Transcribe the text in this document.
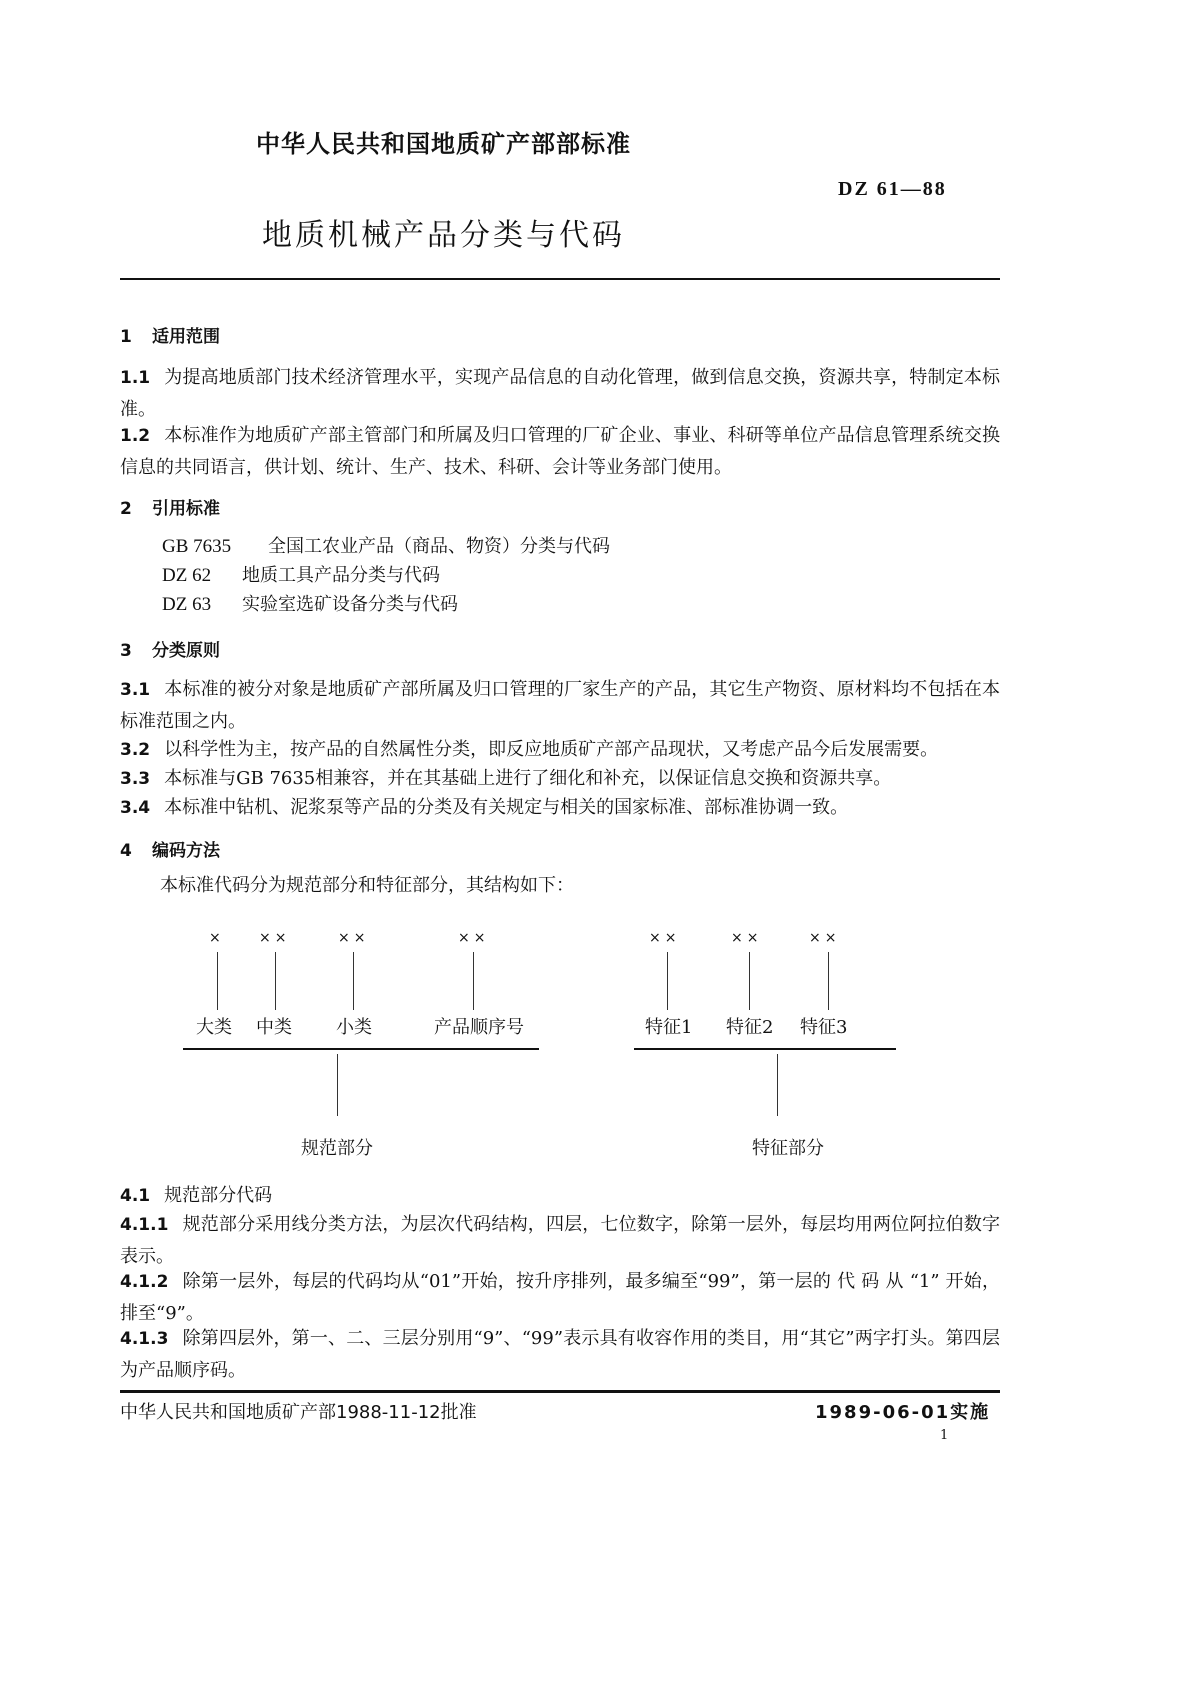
中华人民共和国地质矿产部部标准
DZ 61—88
地质机械产品分类与代码
1 适用范围
1.1 为提高地质部门技术经济管理水平，实现产品信息的自动化管理，做到信息交换，资源共享，特制定本标准。
1.2 本标准作为地质矿产部主管部门和所属及归口管理的厂矿企业、事业、科研等单位产品信息管理系统交换信息的共同语言，供计划、统计、生产、技术、科研、会计等业务部门使用。
2 引用标准
GB 7635 全国工农业产品（商品、物资）分类与代码
DZ 62 地质工具产品分类与代码
DZ 63 实验室选矿设备分类与代码
3 分类原则
3.1 本标准的被分对象是地质矿产部所属及归口管理的厂家生产的产品，其它生产物资、原材料均不包括在本标准范围之内。
3.2 以科学性为主，按产品的自然属性分类，即反应地质矿产部产品现状，又考虑产品今后发展需要。
3.3 本标准与GB 7635相兼容，并在其基础上进行了细化和补充，以保证信息交换和资源共享。
3.4 本标准中钻机、泥浆泵等产品的分类及有关规定与相关的国家标准、部标准协调一致。
4 编码方法
本标准代码分为规范部分和特征部分，其结构如下：
× ××	××	××
大类 中类 小类	产品顺序号
规范部分
××	××	××
特征1 特征2 特征3
特征部分
4.1 规范部分代码
4.1.1 规范部分采用线分类方法，为层次代码结构，四层，七位数字，除第一层外，每层均用两位阿拉伯数字表示。
4.1.2 除第一层外，每层的代码均从“01”开始，按升序排列，最多编至“99”，第一层的 代 码 从 “1” 开始，排至“9”。
4.1.3 除第四层外，第一、二、三层分别用“9”、“99”表示具有收容作用的类目，用“其它”两字打头。第四层为产品顺序码。
中华人民共和国地质矿产部1988-11-12批准	1989-06-01实施
1
